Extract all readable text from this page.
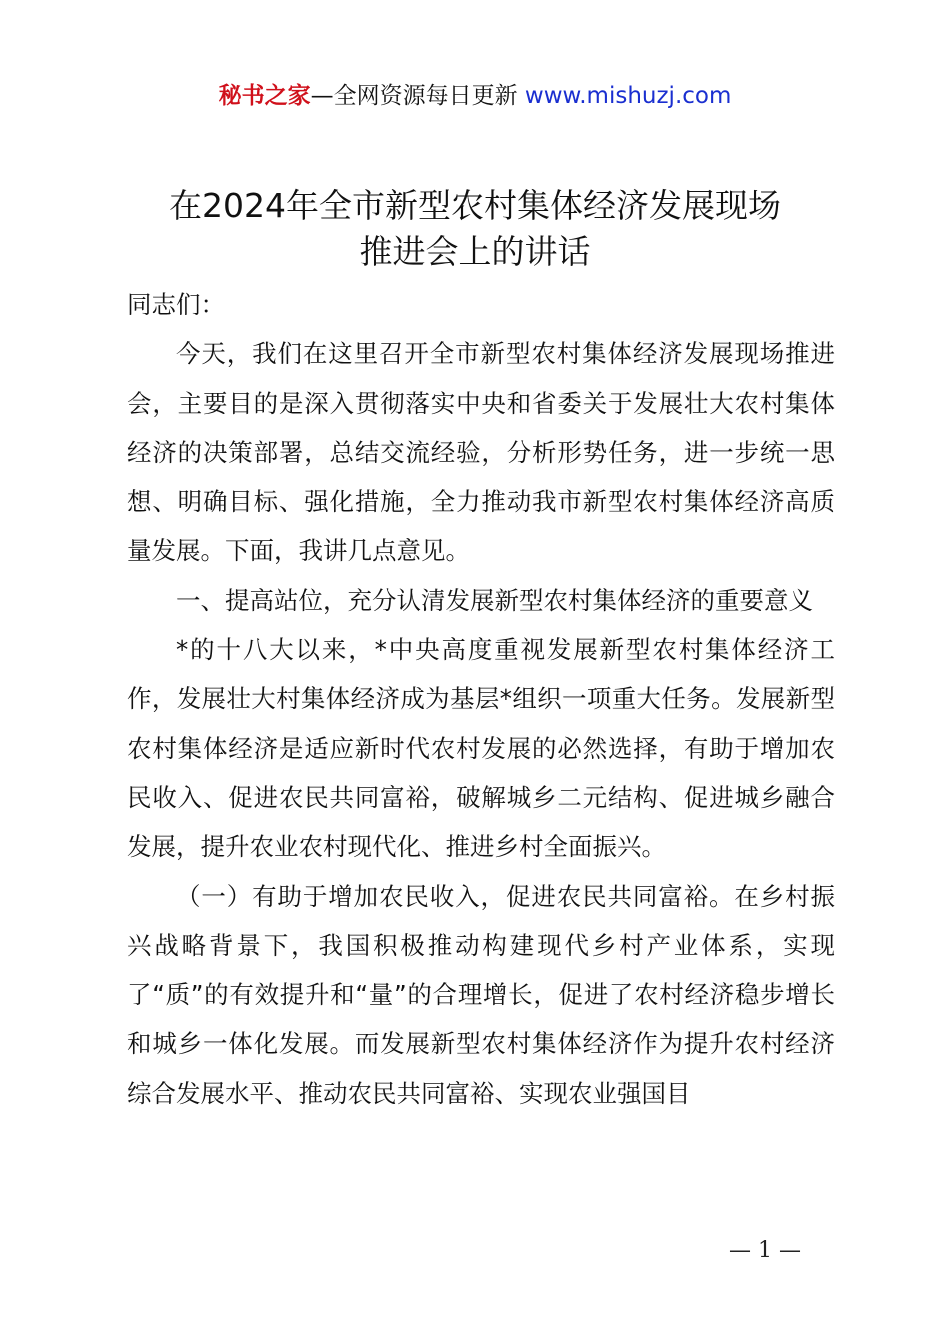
秘书之家—全网资源每日更新 www.mishuzj.com
在2024年全市新型农村集体经济发展现场
推进会上的讲话

同志们：

今天，我们在这里召开全市新型农村集体经济发展现场推进会，主要目的是深入贯彻落实中央和省委关于发展壮大农村集体经济的决策部署，总结交流经验，分析形势任务，进一步统一思想、明确目标、强化措施，全力推动我市新型农村集体经济高质量发展。下面，我讲几点意见。

一、提高站位，充分认清发展新型农村集体经济的重要意义

*的十八大以来，*中央高度重视发展新型农村集体经济工作，发展壮大村集体经济成为基层*组织一项重大任务。发展新型农村集体经济是适应新时代农村发展的必然选择，有助于增加农民收入、促进农民共同富裕，破解城乡二元结构、促进城乡融合发展，提升农业农村现代化、推进乡村全面振兴。

（一）有助于增加农民收入，促进农民共同富裕。在乡村振兴战略背景下，我国积极推动构建现代乡村产业体系，实现了“质”的有效提升和“量”的合理增长，促进了农村经济稳步增长和城乡一体化发展。而发展新型农村集体经济作为提升农村经济综合发展水平、推动农民共同富裕、实现农业强国目

— 1 —
